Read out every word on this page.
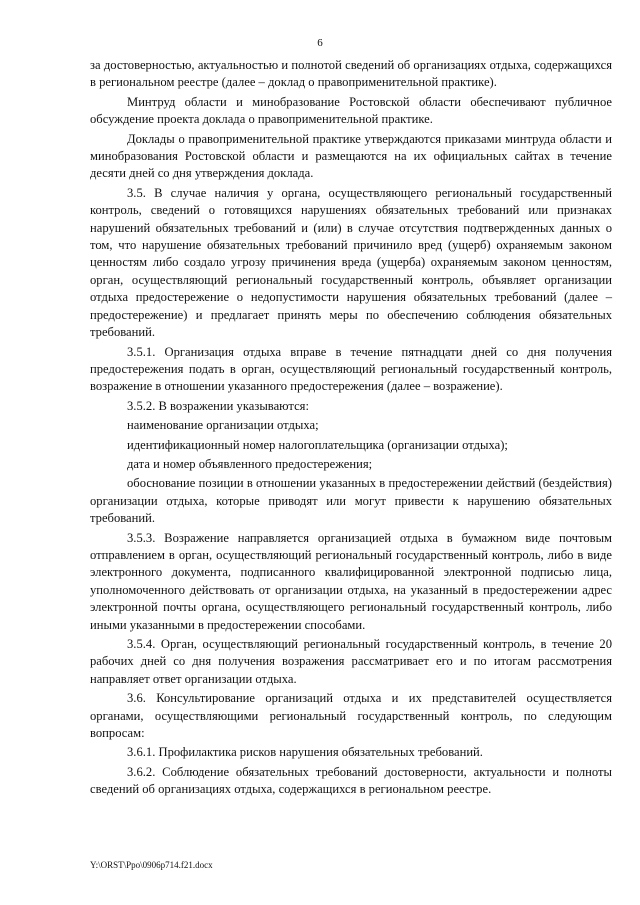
6

за достоверностью, актуальностью и полнотой сведений об организациях отдыха, содержащихся в региональном реестре (далее – доклад о правоприменительной практике).

Минтруд области и минобразование Ростовской области обеспечивают публичное обсуждение проекта доклада о правоприменительной практике.

Доклады о правоприменительной практике утверждаются приказами минтруда области и минобразования Ростовской области и размещаются на их официальных сайтах в течение десяти дней со дня утверждения доклада.

3.5. В случае наличия у органа, осуществляющего региональный государственный контроль, сведений о готовящихся нарушениях обязательных требований или признаках нарушений обязательных требований и (или) в случае отсутствия подтвержденных данных о том, что нарушение обязательных требований причинило вред (ущерб) охраняемым законом ценностям либо создало угрозу причинения вреда (ущерба) охраняемым законом ценностям, орган, осуществляющий региональный государственный контроль, объявляет организации отдыха предостережение о недопустимости нарушения обязательных требований (далее – предостережение) и предлагает принять меры по обеспечению соблюдения обязательных требований.

3.5.1. Организация отдыха вправе в течение пятнадцати дней со дня получения предостережения подать в орган, осуществляющий региональный государственный контроль, возражение в отношении указанного предостережения (далее – возражение).

3.5.2. В возражении указываются:

наименование организации отдыха;

идентификационный номер налогоплательщика (организации отдыха);

дата и номер объявленного предостережения;

обоснование позиции в отношении указанных в предостережении действий (бездействия) организации отдыха, которые приводят или могут привести к нарушению обязательных требований.

3.5.3. Возражение направляется организацией отдыха в бумажном виде почтовым отправлением в орган, осуществляющий региональный государственный контроль, либо в виде электронного документа, подписанного квалифицированной электронной подписью лица, уполномоченного действовать от организации отдыха, на указанный в предостережении адрес электронной почты органа, осуществляющего региональный государственный контроль, либо иными указанными в предостережении способами.

3.5.4. Орган, осуществляющий региональный государственный контроль, в течение 20 рабочих дней со дня получения возражения рассматривает его и по итогам рассмотрения направляет ответ организации отдыха.

3.6. Консультирование организаций отдыха и их представителей осуществляется органами, осуществляющими региональный государственный контроль, по следующим вопросам:

3.6.1. Профилактика рисков нарушения обязательных требований.

3.6.2. Соблюдение обязательных требований достоверности, актуальности и полноты сведений об организациях отдыха, содержащихся в региональном реестре.

Y:\ORST\Ppo\0906p714.f21.docx
